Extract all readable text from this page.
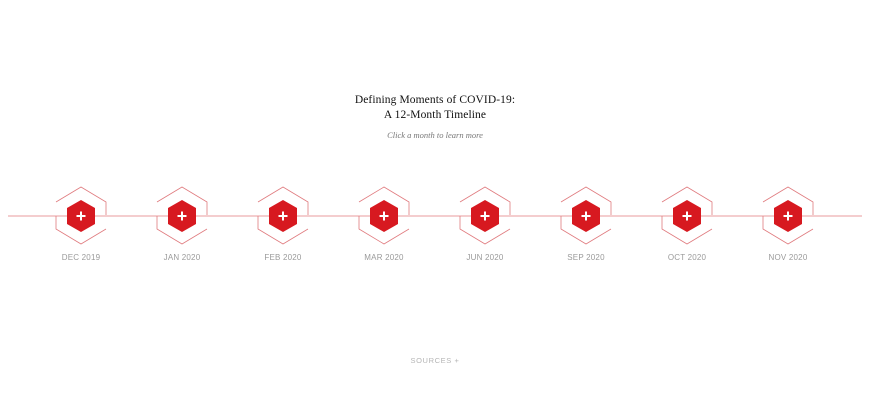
Defining Moments of COVID-19:
A 12-Month Timeline
Click a month to learn more
DEC 2019	JAN 2020	FEB 2020	MAR 2020	JUN 2020	SEP 2020	OCT 2020	NOV 2020
SOURCES +
